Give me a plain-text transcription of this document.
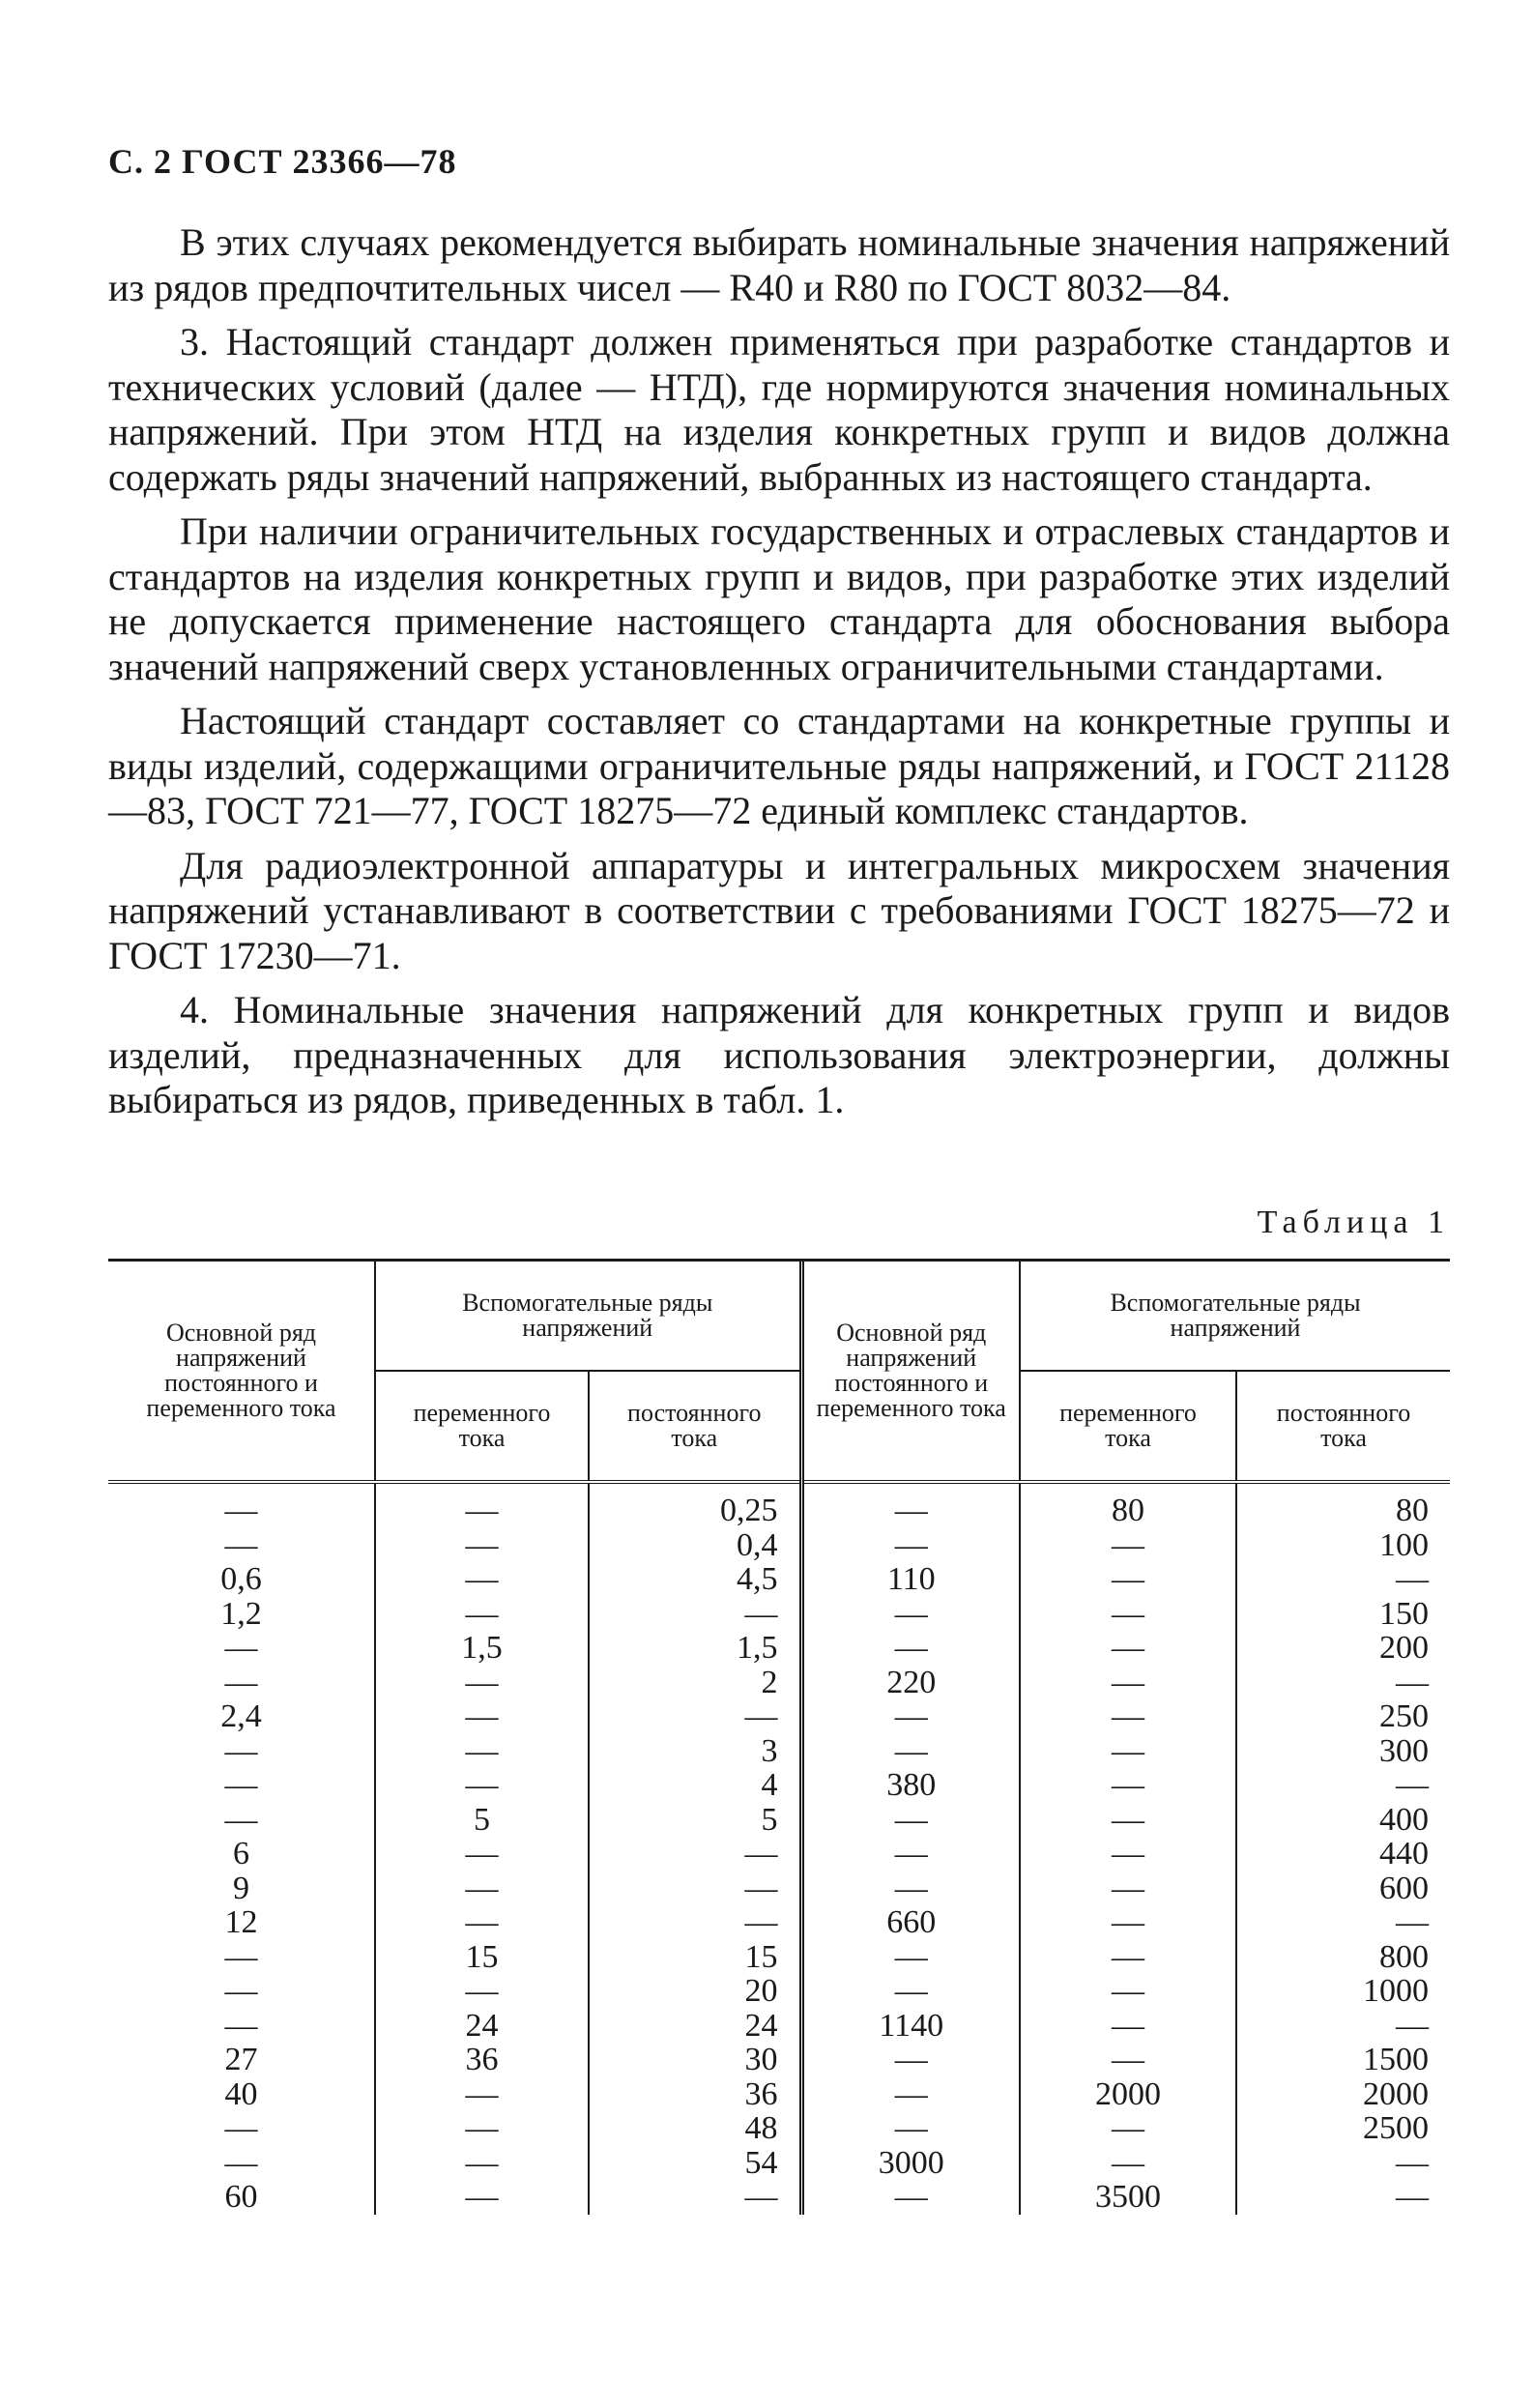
С. 2 ГОСТ 23366—78

В этих случаях рекомендуется выбирать номинальные значения напряжений из рядов предпочтительных чисел — R40 и R80 по ГОСТ 8032—84.

3. Настоящий стандарт должен применяться при разработке стандартов и технических условий (далее — НТД), где нормируются значения номинальных напряжений. При этом НТД на изделия конкретных групп и видов должна содержать ряды значений напряжений, выбранных из настоящего стандарта.

При наличии ограничительных государственных и отраслевых стандартов и стандартов на изделия конкретных групп и видов, при разработке этих изделий не допускается применение настоящего стандарта для обоснования выбора значений напряжений сверх установленных ограничительными стандартами.

Настоящий стандарт составляет со стандартами на конкретные группы и виды изделий, содержащими ограничительные ряды напряжений, и ГОСТ 21128—83, ГОСТ 721—77, ГОСТ 18275—72 единый комплекс стандартов.

Для радиоэлектронной аппаратуры и интегральных микросхем значения напряжений устанавливают в соответствии с требованиями ГОСТ 18275—72 и ГОСТ 17230—71.

4. Номинальные значения напряжений для конкретных групп и видов изделий, предназначенных для использования электроэнергии, должны выбираться из рядов, приведенных в табл. 1.

Таблица 1

Основной ряд напряжений постоянного и переменного тока	Вспомогательные ряды напряжений		Основной ряд напряжений постоянного и переменного тока	Вспомогательные ряды напряжений	
	переменного тока	постоянного тока		переменного тока	постоянного тока
—	—	0,25	—	80	80
—	—	0,4	—	—	100
0,6	—	4,5	110	—	—
1,2	—	—	—	—	150
—	1,5	1,5	—	—	200
—	—	2	220	—	—
2,4	—	—	—	—	250
—	—	3	—	—	300
—	—	4	380	—	—
—	5	5	—	—	400
6	—	—	—	—	440
9	—	—	—	—	600
12	—	—	660	—	—
—	15	15	—	—	800
—	—	20	—	—	1000
—	24	24	1140	—	—
27	36	30	—	—	1500
40	—	36	—	2000	2000
—	—	48	—	—	2500
—	—	54	3000	—	—
60	—	—	—	3500	—
